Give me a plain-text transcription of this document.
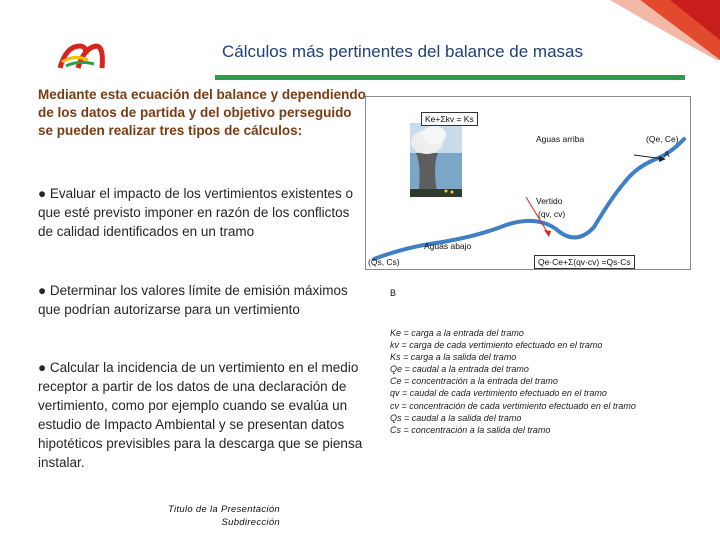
Cálculos más pertinentes del balance de masas
Mediante esta ecuación del balance y dependiendo de los datos de partida y del objetivo perseguido se pueden realizar tres tipos de cálculos:
● Evaluar el impacto de los vertimientos existentes o que esté previsto imponer en razón de los conflictos de calidad identificados en un tramo
● Determinar los valores límite de emisión máximos que podrían autorizarse para un vertimiento
● Calcular la incidencia de un vertimiento en el medio receptor a partir de los datos de una declaración de vertimiento, como por ejemplo cuando se evalúa un estudio de Impacto Ambiental y se presentan datos hipotéticos previsibles para la descarga que se piensa instalar.
Ke+Σkv = Ks
Aguas arriba	(Qe, Ce)
A
Vertido
(qv, cv)
Aguas abajo
(Qs, Cs)	Qe·Ce+Σ(qv·cv) =Qs·Cs
B
Ke = carga a la entrada del tramo
kv = carga de cada vertimiento efectuado en el tramo
Ks = carga a la salida del tramo
Qe = caudal a la entrada del tramo
Ce = concentración a la entrada del tramo
qv = caudal de cada vertimiento efectuado en el tramo
cv = concentración de cada vertimiento efectuado en el tramo
Qs = caudal a la salida del tramo
Cs = concentración a la salida del tramo
Titulo de la Presentación
Subdirección
